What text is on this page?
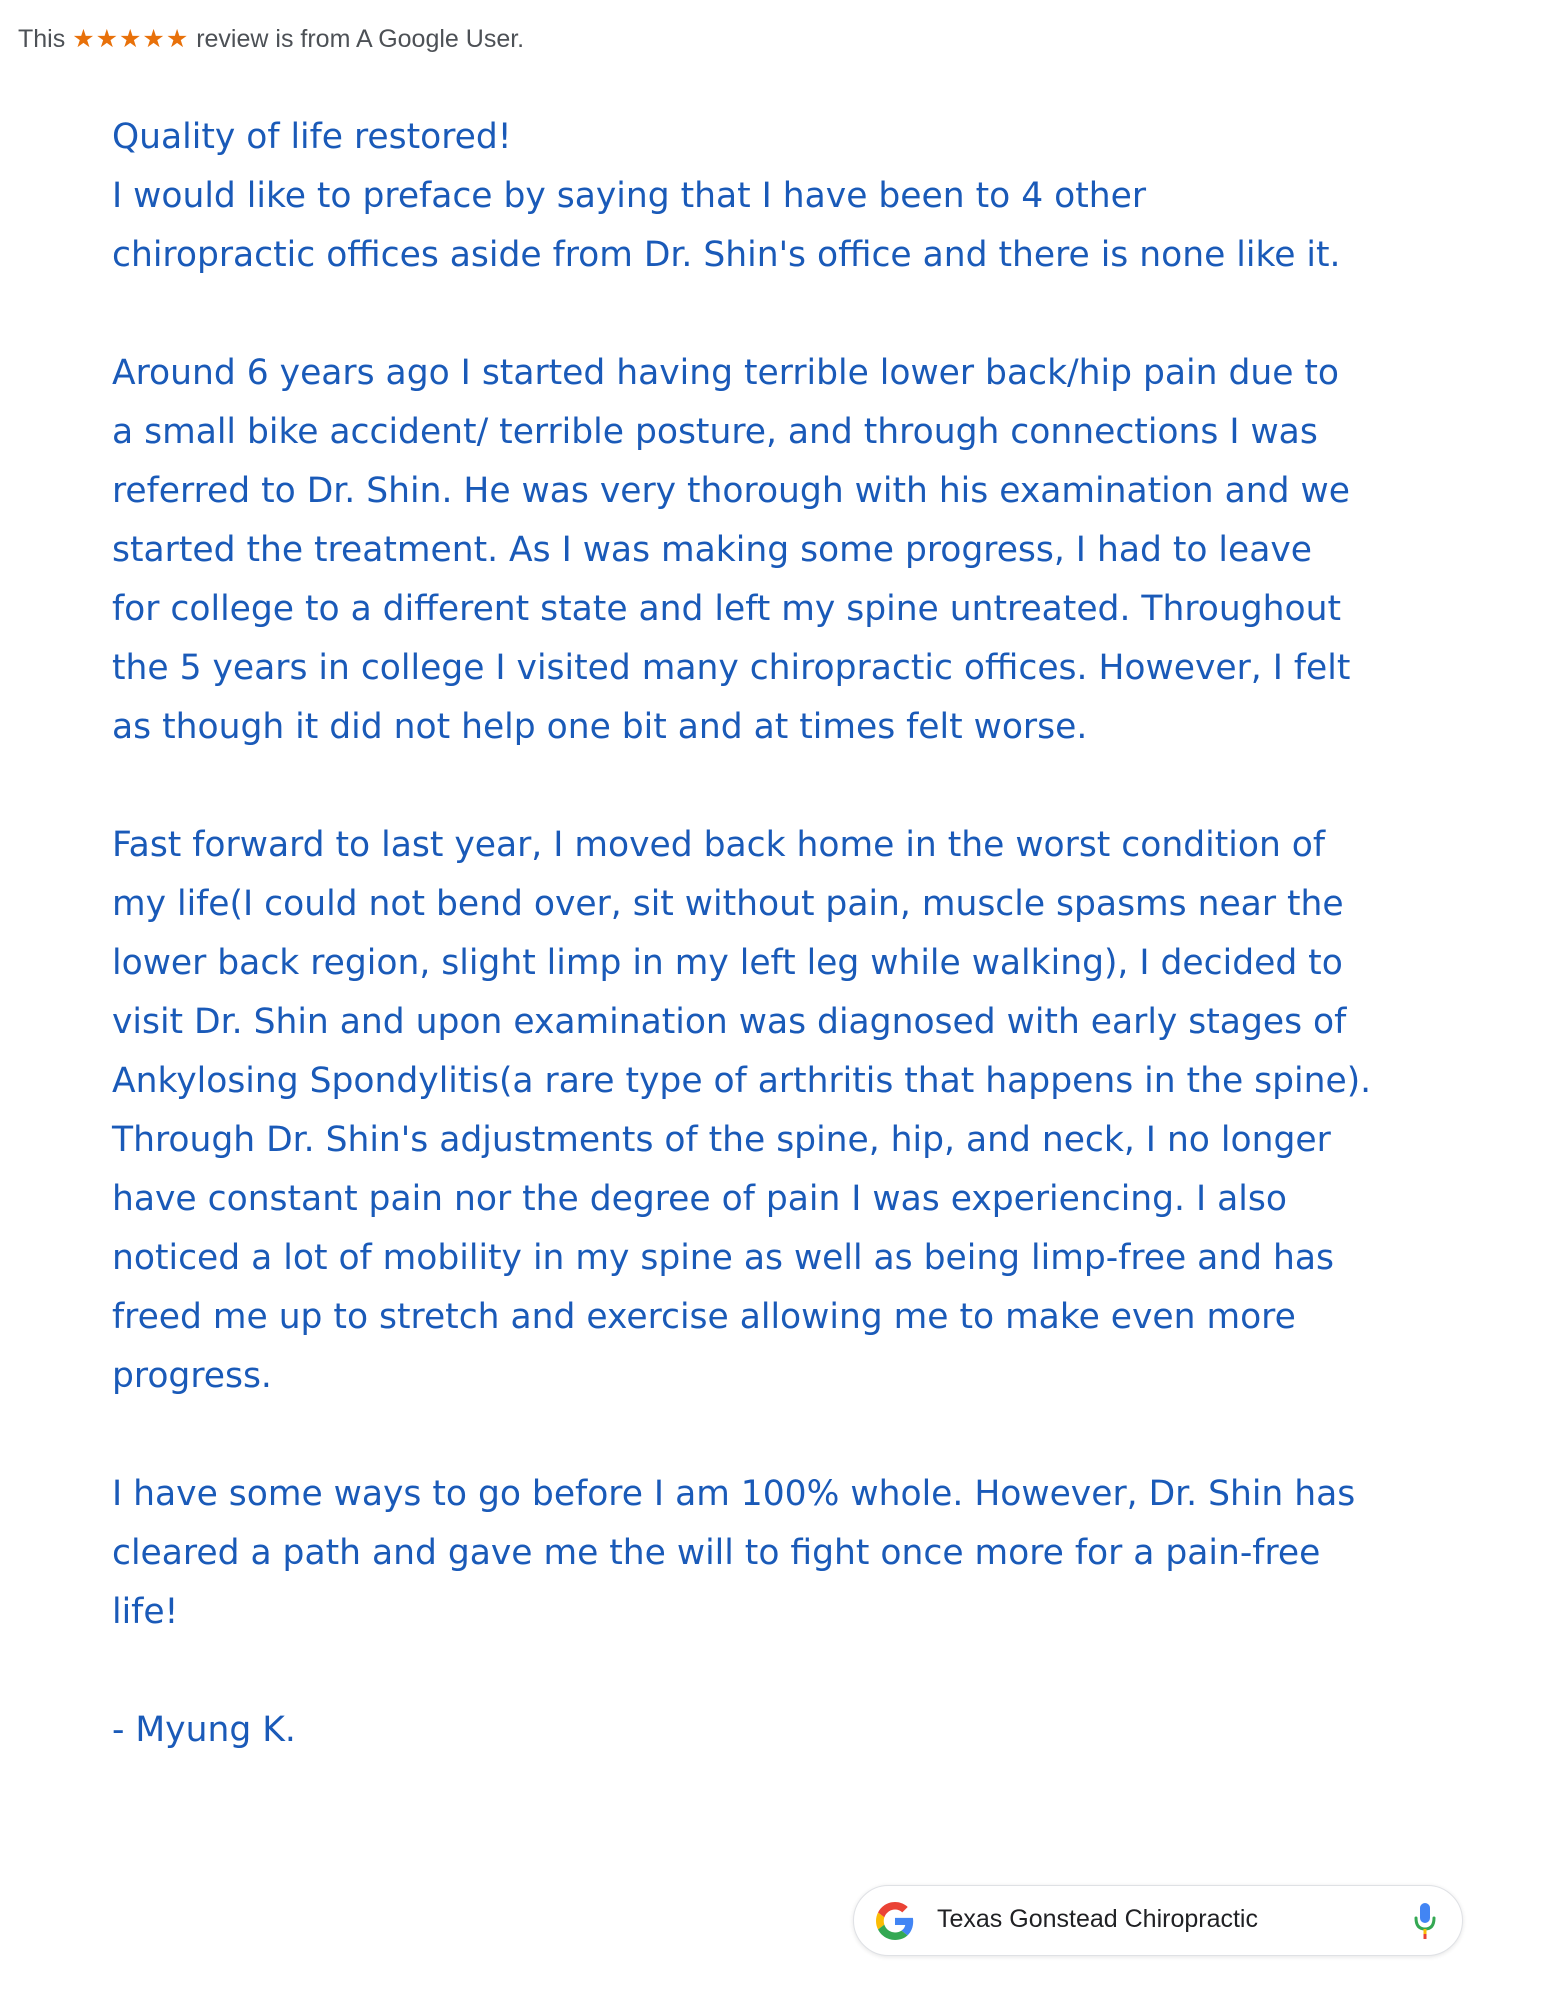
This ★★★★★ review is from A Google User.

Quality of life restored!
I would like to preface by saying that I have been to 4 other
chiropractic offices aside from Dr. Shin's office and there is none like it.

Around 6 years ago I started having terrible lower back/hip pain due to
a small bike accident/ terrible posture, and through connections I was
referred to Dr. Shin. He was very thorough with his examination and we
started the treatment. As I was making some progress, I had to leave
for college to a different state and left my spine untreated. Throughout
the 5 years in college I visited many chiropractic offices. However, I felt
as though it did not help one bit and at times felt worse.

Fast forward to last year, I moved back home in the worst condition of
my life(I could not bend over, sit without pain, muscle spasms near the
lower back region, slight limp in my left leg while walking), I decided to
visit Dr. Shin and upon examination was diagnosed with early stages of
Ankylosing Spondylitis(a rare type of arthritis that happens in the spine).
Through Dr. Shin's adjustments of the spine, hip, and neck, I no longer
have constant pain nor the degree of pain I was experiencing. I also
noticed a lot of mobility in my spine as well as being limp-free and has
freed me up to stretch and exercise allowing me to make even more
progress.

I have some ways to go before I am 100% whole. However, Dr. Shin has
cleared a path and gave me the will to fight once more for a pain-free
life!

- Myung K.

Texas Gonstead Chiropractic
